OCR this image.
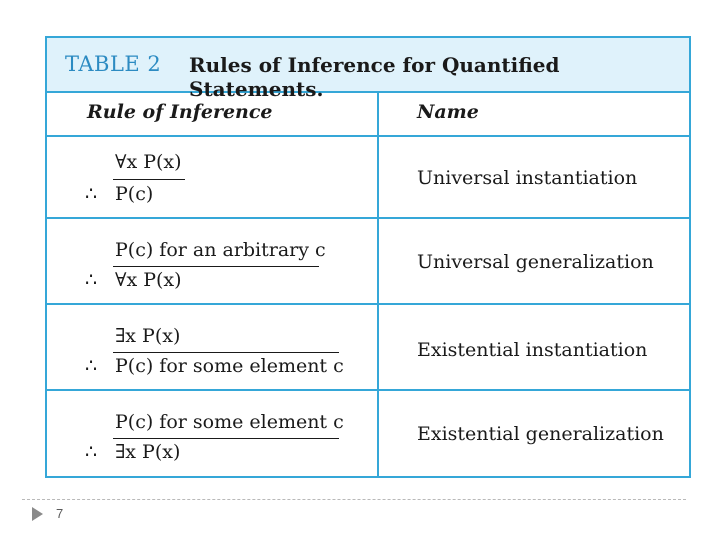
TABLE 2 Rules of Inference for Quantified Statements.
Rule of Inference	Name
∀x P(x)
∴ P(c)
Universal instantiation
P(c) for an arbitrary c
∴ ∀x P(x)
Universal generalization
∃x P(x)
∴ P(c) for some element c
Existential instantiation
P(c) for some element c
∴ ∃x P(x)
Existential generalization
7
